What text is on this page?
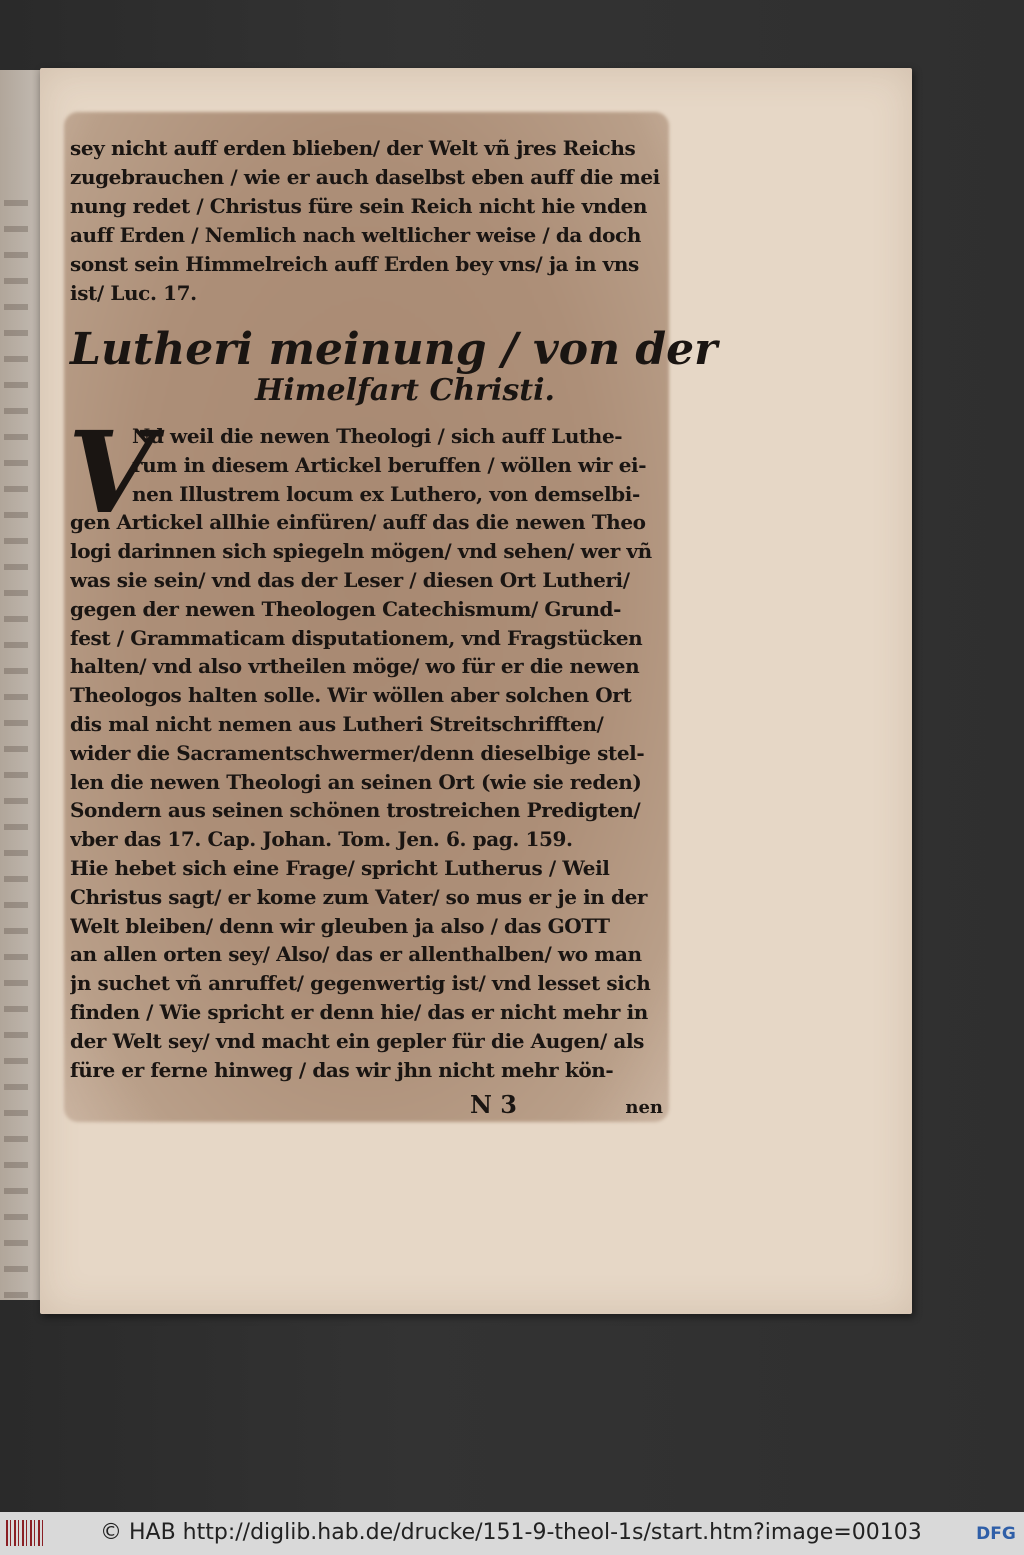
sey nicht auff erden blieben/ der Welt vñ jres Reichs
zugebrauchen / wie er auch daselbst eben auff die mei
nung redet / Christus füre sein Reich nicht hie vnden
auff Erden / Nemlich nach weltlicher weise / da doch
sonst sein Himmelreich auff Erden bey vns/ ja in vns
ist/ Luc. 17.
Lutheri meinung / von der
Himelfart Christi.
V
Nd weil die newen Theologi / sich auff Luthe-
rum in diesem Artickel beruffen / wöllen wir ei-
nen Illustrem locum ex Luthero, von demselbi-
gen Artickel allhie einfüren/ auff das die newen Theo
logi darinnen sich spiegeln mögen/ vnd sehen/ wer vñ
was sie sein/ vnd das der Leser / diesen Ort Lutheri/
gegen der newen Theologen Catechismum/ Grund-
fest / Grammaticam disputationem, vnd Fragstücken
halten/ vnd also vrtheilen möge/ wo für er die newen
Theologos halten solle. Wir wöllen aber solchen Ort
dis mal nicht nemen aus Lutheri Streitschrifften/
wider die Sacramentschwermer/denn dieselbige stel-
len die newen Theologi an seinen Ort (wie sie reden)
Sondern aus seinen schönen trostreichen Predigten/
vber das 17. Cap. Johan. Tom. Jen. 6. pag. 159.
Hie hebet sich eine Frage/ spricht Lutherus / Weil
Christus sagt/ er kome zum Vater/ so mus er je in der
Welt bleiben/ denn wir gleuben ja also / das GOTT
an allen orten sey/ Also/ das er allenthalben/ wo man
jn suchet vñ anruffet/ gegenwertig ist/ vnd lesset sich
finden / Wie spricht er denn hie/ das er nicht mehr in
der Welt sey/ vnd macht ein gepler für die Augen/ als
füre er ferne hinweg / das wir jhn nicht mehr kön-
N 3	nen
© HAB http://diglib.hab.de/drucke/151-9-theol-1s/start.htm?image=00103	DFG
